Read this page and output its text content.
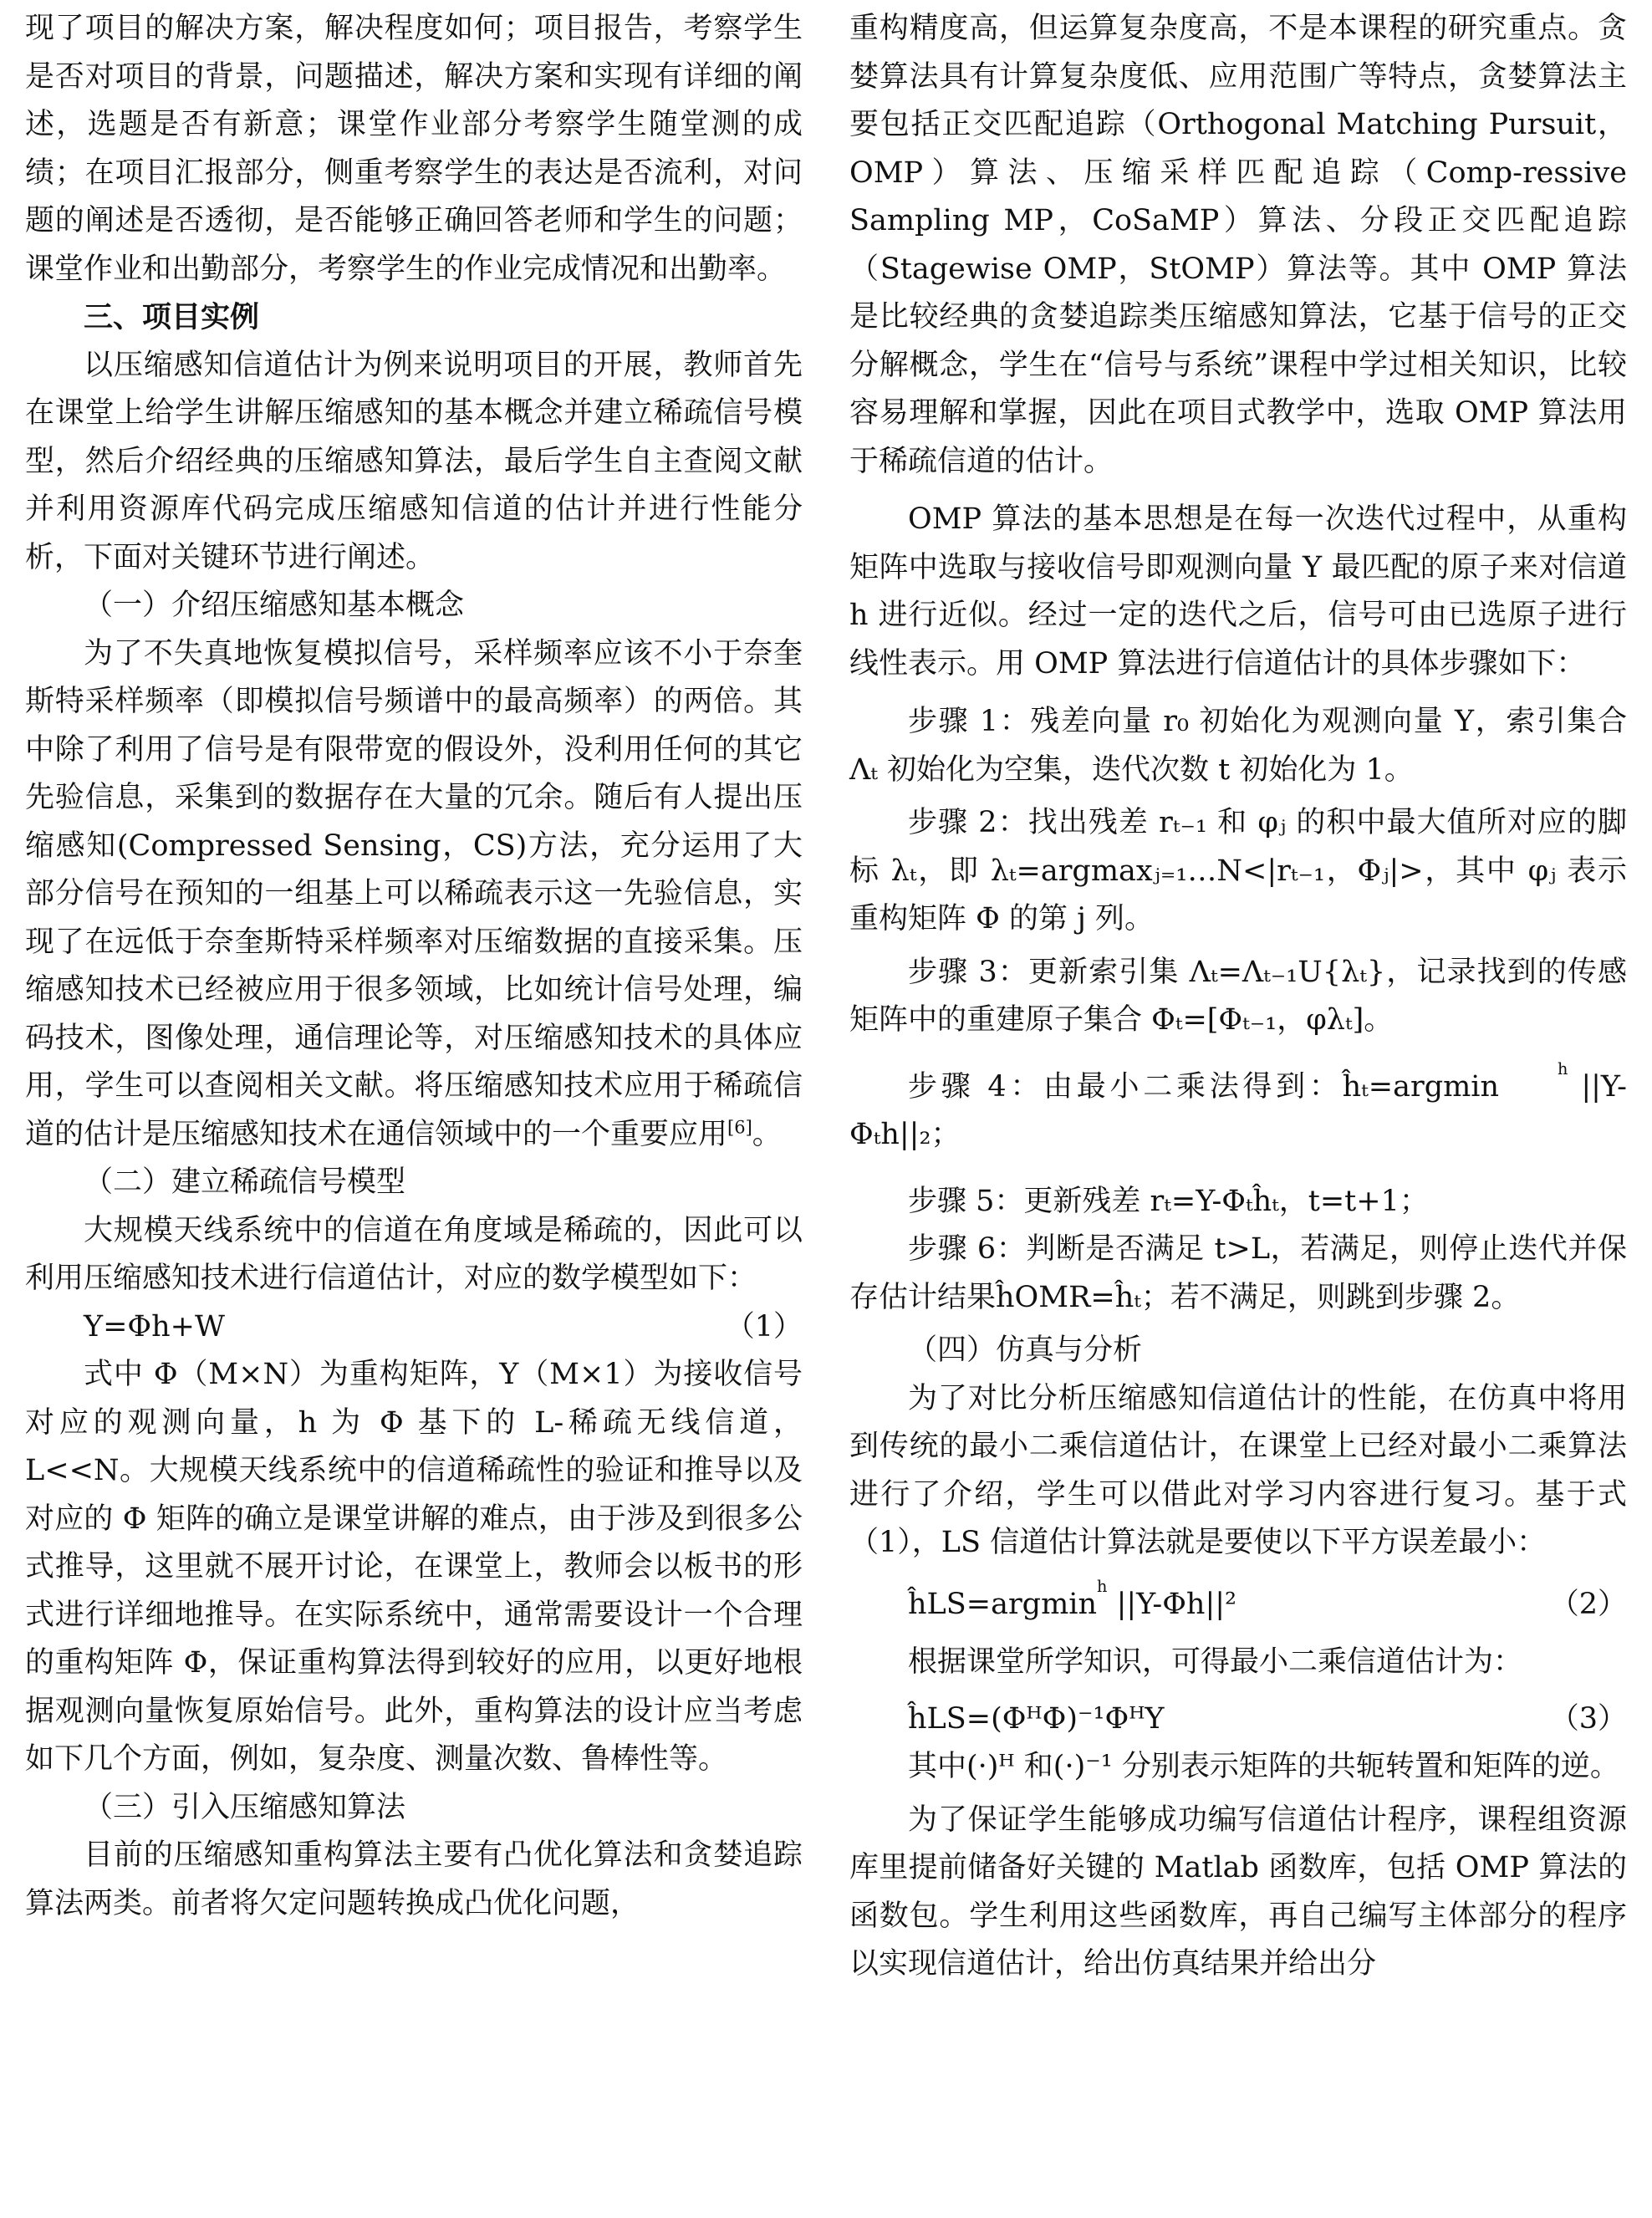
现了项目的解决方案，解决程度如何；项目报告，考察学生是否对项目的背景，问题描述，解决方案和实现有详细的阐述，选题是否有新意；课堂作业部分考察学生随堂测的成绩；在项目汇报部分，侧重考察学生的表达是否流利，对问题的阐述是否透彻，是否能够正确回答老师和学生的问题；课堂作业和出勤部分，考察学生的作业完成情况和出勤率。

三、项目实例

以压缩感知信道估计为例来说明项目的开展，教师首先在课堂上给学生讲解压缩感知的基本概念并建立稀疏信号模型，然后介绍经典的压缩感知算法，最后学生自主查阅文献并利用资源库代码完成压缩感知信道的估计并进行性能分析，下面对关键环节进行阐述。

（一）介绍压缩感知基本概念

为了不失真地恢复模拟信号，采样频率应该不小于奈奎斯特采样频率（即模拟信号频谱中的最高频率）的两倍。其中除了利用了信号是有限带宽的假设外，没利用任何的其它先验信息，采集到的数据存在大量的冗余。随后有人提出压缩感知(Compressed Sensing，CS)方法，充分运用了大部分信号在预知的一组基上可以稀疏表示这一先验信息，实现了在远低于奈奎斯特采样频率对压缩数据的直接采集。压缩感知技术已经被应用于很多领域，比如统计信号处理，编码技术，图像处理，通信理论等，对压缩感知技术的具体应用，学生可以查阅相关文献。将压缩感知技术应用于稀疏信道的估计是压缩感知技术在通信领域中的一个重要应用[6]。

（二）建立稀疏信号模型

大规模天线系统中的信道在角度域是稀疏的，因此可以利用压缩感知技术进行信道估计，对应的数学模型如下：

Y=Φh+W	（1）

式中 Φ（M×N）为重构矩阵，Y（M×1）为接收信号对应的观测向量，h 为 Φ 基下的 L-稀疏无线信道，L<<N。大规模天线系统中的信道稀疏性的验证和推导以及对应的 Φ 矩阵的确立是课堂讲解的难点，由于涉及到很多公式推导，这里就不展开讨论，在课堂上，教师会以板书的形式进行详细地推导。在实际系统中，通常需要设计一个合理的重构矩阵 Φ，保证重构算法得到较好的应用，以更好地根据观测向量恢复原始信号。此外，重构算法的设计应当考虑如下几个方面，例如，复杂度、测量次数、鲁棒性等。

（三）引入压缩感知算法

目前的压缩感知重构算法主要有凸优化算法和贪婪追踪算法两类。前者将欠定问题转换成凸优化问题，

重构精度高，但运算复杂度高，不是本课程的研究重点。贪婪算法具有计算复杂度低、应用范围广等特点，贪婪算法主要包括正交匹配追踪（Orthogonal Matching Pursuit，OMP）算法、压缩采样匹配追踪（Comp-ressive Sampling MP，CoSaMP）算法、分段正交匹配追踪（Stagewise OMP，StOMP）算法等。其中 OMP 算法是比较经典的贪婪追踪类压缩感知算法，它基于信号的正交分解概念，学生在“信号与系统”课程中学过相关知识，比较容易理解和掌握，因此在项目式教学中，选取 OMP 算法用于稀疏信道的估计。

OMP 算法的基本思想是在每一次迭代过程中，从重构矩阵中选取与接收信号即观测向量 Y 最匹配的原子来对信道 h 进行近似。经过一定的迭代之后，信号可由已选原子进行线性表示。用 OMP 算法进行信道估计的具体步骤如下：

步骤 1：残差向量 r₀ 初始化为观测向量 Y，索引集合 Λₜ 初始化为空集，迭代次数 t 初始化为 1。

步骤 2：找出残差 rₜ₋₁ 和 φⱼ 的积中最大值所对应的脚标 λₜ，即 λₜ=argmaxⱼ₌₁…N<|rₜ₋₁，Φⱼ|>，其中 φⱼ 表示重构矩阵 Φ 的第 j 列。

步骤 3：更新索引集 Λₜ=Λₜ₋₁U{λₜ}，记录找到的传感矩阵中的重建原子集合 Φₜ=[Φₜ₋₁，φλₜ]。

步骤 4：由最小二乘法得到：ĥₜ=argmin
h
||Y-Φₜh||₂；

步骤 5：更新残差 rₜ=Y-Φₜĥₜ，t=t+1；

步骤 6：判断是否满足 t>L，若满足，则停止迭代并保存估计结果ĥOMR=ĥₜ；若不满足，则跳到步骤 2。

（四）仿真与分析

为了对比分析压缩感知信道估计的性能，在仿真中将用到传统的最小二乘信道估计，在课堂上已经对最小二乘算法进行了介绍，学生可以借此对学习内容进行复习。基于式（1），LS 信道估计算法就是要使以下平方误差最小：

ĥLS=argmin
h
||Y-Φh||²	（2）

根据课堂所学知识，可得最小二乘信道估计为：

ĥLS=(ΦᴴΦ)⁻¹ΦᴴY	（3）

其中(·)ᴴ 和(·)⁻¹ 分别表示矩阵的共轭转置和矩阵的逆。

为了保证学生能够成功编写信道估计程序，课程组资源库里提前储备好关键的 Matlab 函数库，包括 OMP 算法的函数包。学生利用这些函数库，再自己编写主体部分的程序以实现信道估计，给出仿真结果并给出分
